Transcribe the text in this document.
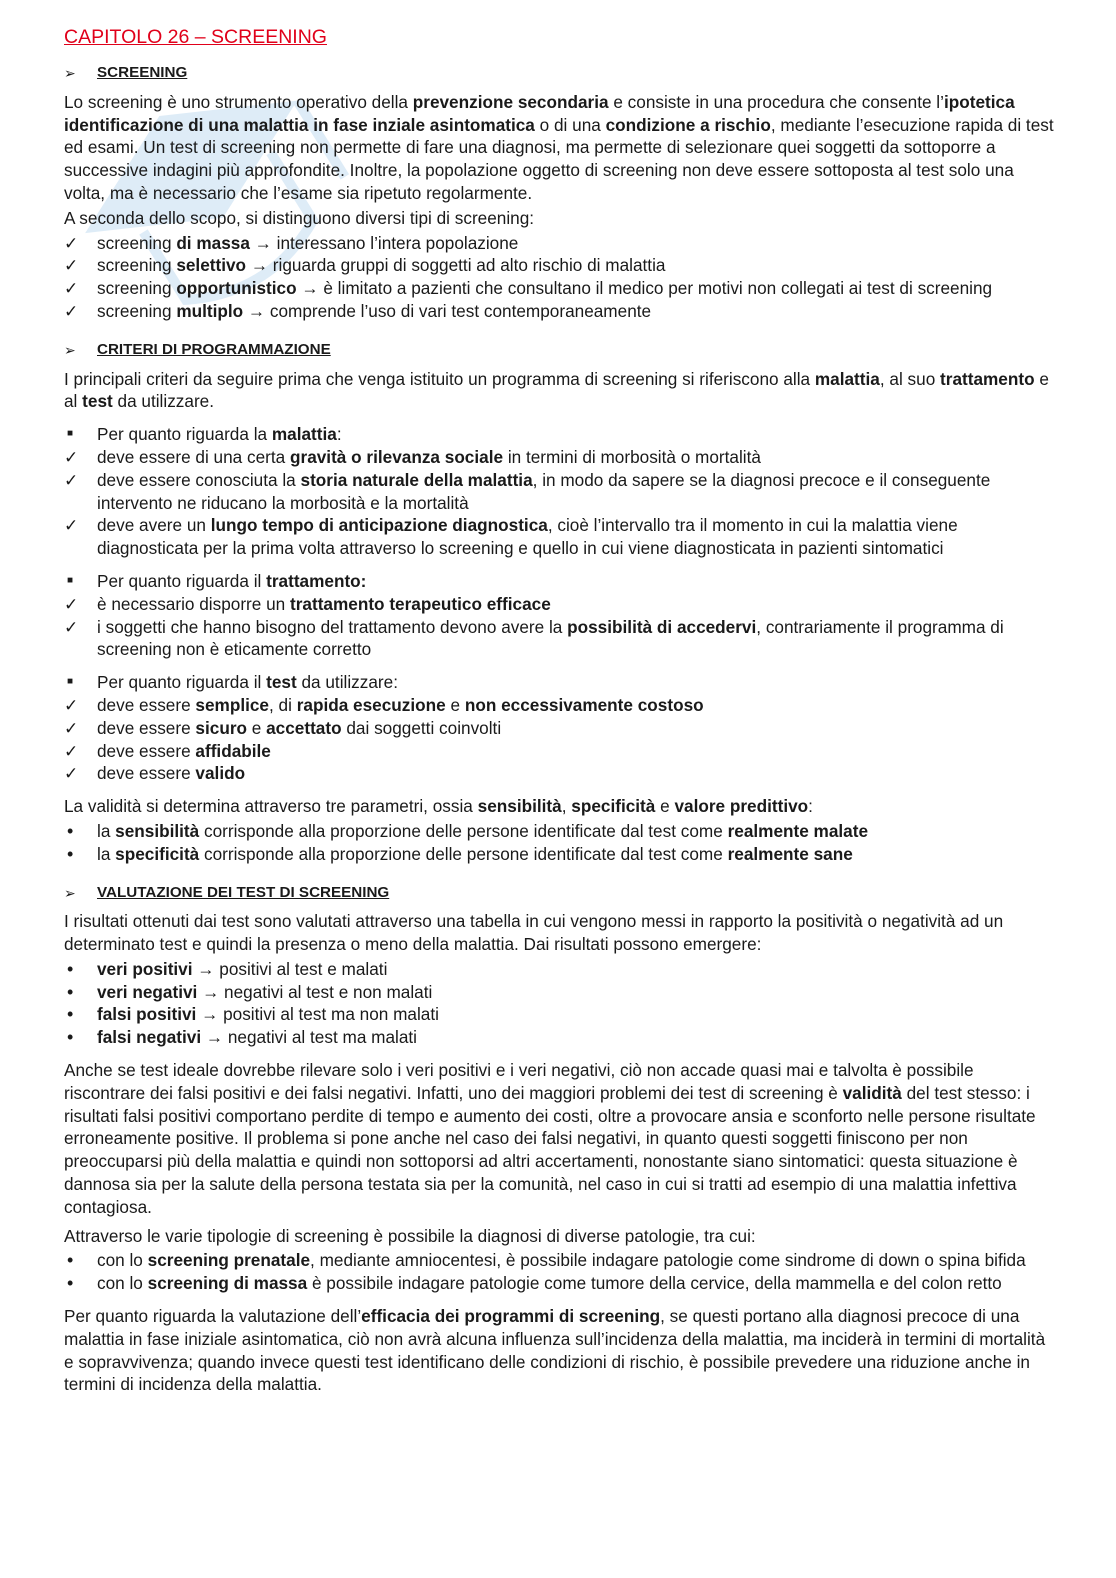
CAPITOLO 26 – SCREENING
➢	SCREENING

Lo screening è uno strumento operativo della prevenzione secondaria e consiste in una procedura che consente l’ipotetica identificazione di una malattia in fase inziale asintomatica o di una condizione a rischio, mediante l’esecuzione rapida di test ed esami. Un test di screening non permette di fare una diagnosi, ma permette di selezionare quei soggetti da sottoporre a successive indagini più approfondite. Inoltre, la popolazione oggetto di screening non deve essere sottoposta al test solo una volta, ma è necessario che l’esame sia ripetuto regolarmente.

A seconda dello scopo, si distinguono diversi tipi di screening:

✓	screening di massa → interessano l’intera popolazione
✓	screening selettivo → riguarda gruppi di soggetti ad alto rischio di malattia
✓	screening opportunistico → è limitato a pazienti che consultano il medico per motivi non collegati ai test di screening
✓	screening multiplo → comprende l’uso di vari test contemporaneamente
➢	CRITERI DI PROGRAMMAZIONE

I principali criteri da seguire prima che venga istituito un programma di screening si riferiscono alla malattia, al suo trattamento e al test da utilizzare.

■	Per quanto riguarda la malattia:
✓	deve essere di una certa gravità o rilevanza sociale in termini di morbosità o mortalità
✓	deve essere conosciuta la storia naturale della malattia, in modo da sapere se la diagnosi precoce e il conseguente intervento ne riducano la morbosità e la mortalità
✓	deve avere un lungo tempo di anticipazione diagnostica, cioè l’intervallo tra il momento in cui la malattia viene diagnosticata per la prima volta attraverso lo screening e quello in cui viene diagnosticata in pazienti sintomatici
■	Per quanto riguarda il trattamento:
✓	è necessario disporre un trattamento terapeutico efficace
✓	i soggetti che hanno bisogno del trattamento devono avere la possibilità di accedervi, contrariamente il programma di screening non è eticamente corretto
■	Per quanto riguarda il test da utilizzare:
✓	deve essere semplice, di rapida esecuzione e non eccessivamente costoso
✓	deve essere sicuro e accettato dai soggetti coinvolti
✓	deve essere affidabile
✓	deve essere valido

La validità si determina attraverso tre parametri, ossia sensibilità, specificità e valore predittivo:

•	la sensibilità corrisponde alla proporzione delle persone identificate dal test come realmente malate
•	la specificità corrisponde alla proporzione delle persone identificate dal test come realmente sane
➢	VALUTAZIONE DEI TEST DI SCREENING

I risultati ottenuti dai test sono valutati attraverso una tabella in cui vengono messi in rapporto la positività o negatività ad un determinato test e quindi la presenza o meno della malattia. Dai risultati possono emergere:

•	veri positivi → positivi al test e malati
•	veri negativi → negativi al test e non malati
•	falsi positivi → positivi al test ma non malati
•	falsi negativi → negativi al test ma malati

Anche se test ideale dovrebbe rilevare solo i veri positivi e i veri negativi, ciò non accade quasi mai e talvolta è possibile riscontrare dei falsi positivi e dei falsi negativi. Infatti, uno dei maggiori problemi dei test di screening è validità del test stesso: i risultati falsi positivi comportano perdite di tempo e aumento dei costi, oltre a provocare ansia e sconforto nelle persone risultate erroneamente positive. Il problema si pone anche nel caso dei falsi negativi, in quanto questi soggetti finiscono per non preoccuparsi più della malattia e quindi non sottoporsi ad altri accertamenti, nonostante siano sintomatici: questa situazione è dannosa sia per la salute della persona testata sia per la comunità, nel caso in cui si tratti ad esempio di una malattia infettiva contagiosa.

Attraverso le varie tipologie di screening è possibile la diagnosi di diverse patologie, tra cui:

•	con lo screening prenatale, mediante amniocentesi, è possibile indagare patologie come sindrome di down o spina bifida
•	con lo screening di massa è possibile indagare patologie come tumore della cervice, della mammella e del colon retto

Per quanto riguarda la valutazione dell’efficacia dei programmi di screening, se questi portano alla diagnosi precoce di una malattia in fase iniziale asintomatica, ciò non avrà alcuna influenza sull’incidenza della malattia, ma inciderà in termini di mortalità e sopravvivenza; quando invece questi test identificano delle condizioni di rischio, è possibile prevedere una riduzione anche in termini di incidenza della malattia.
